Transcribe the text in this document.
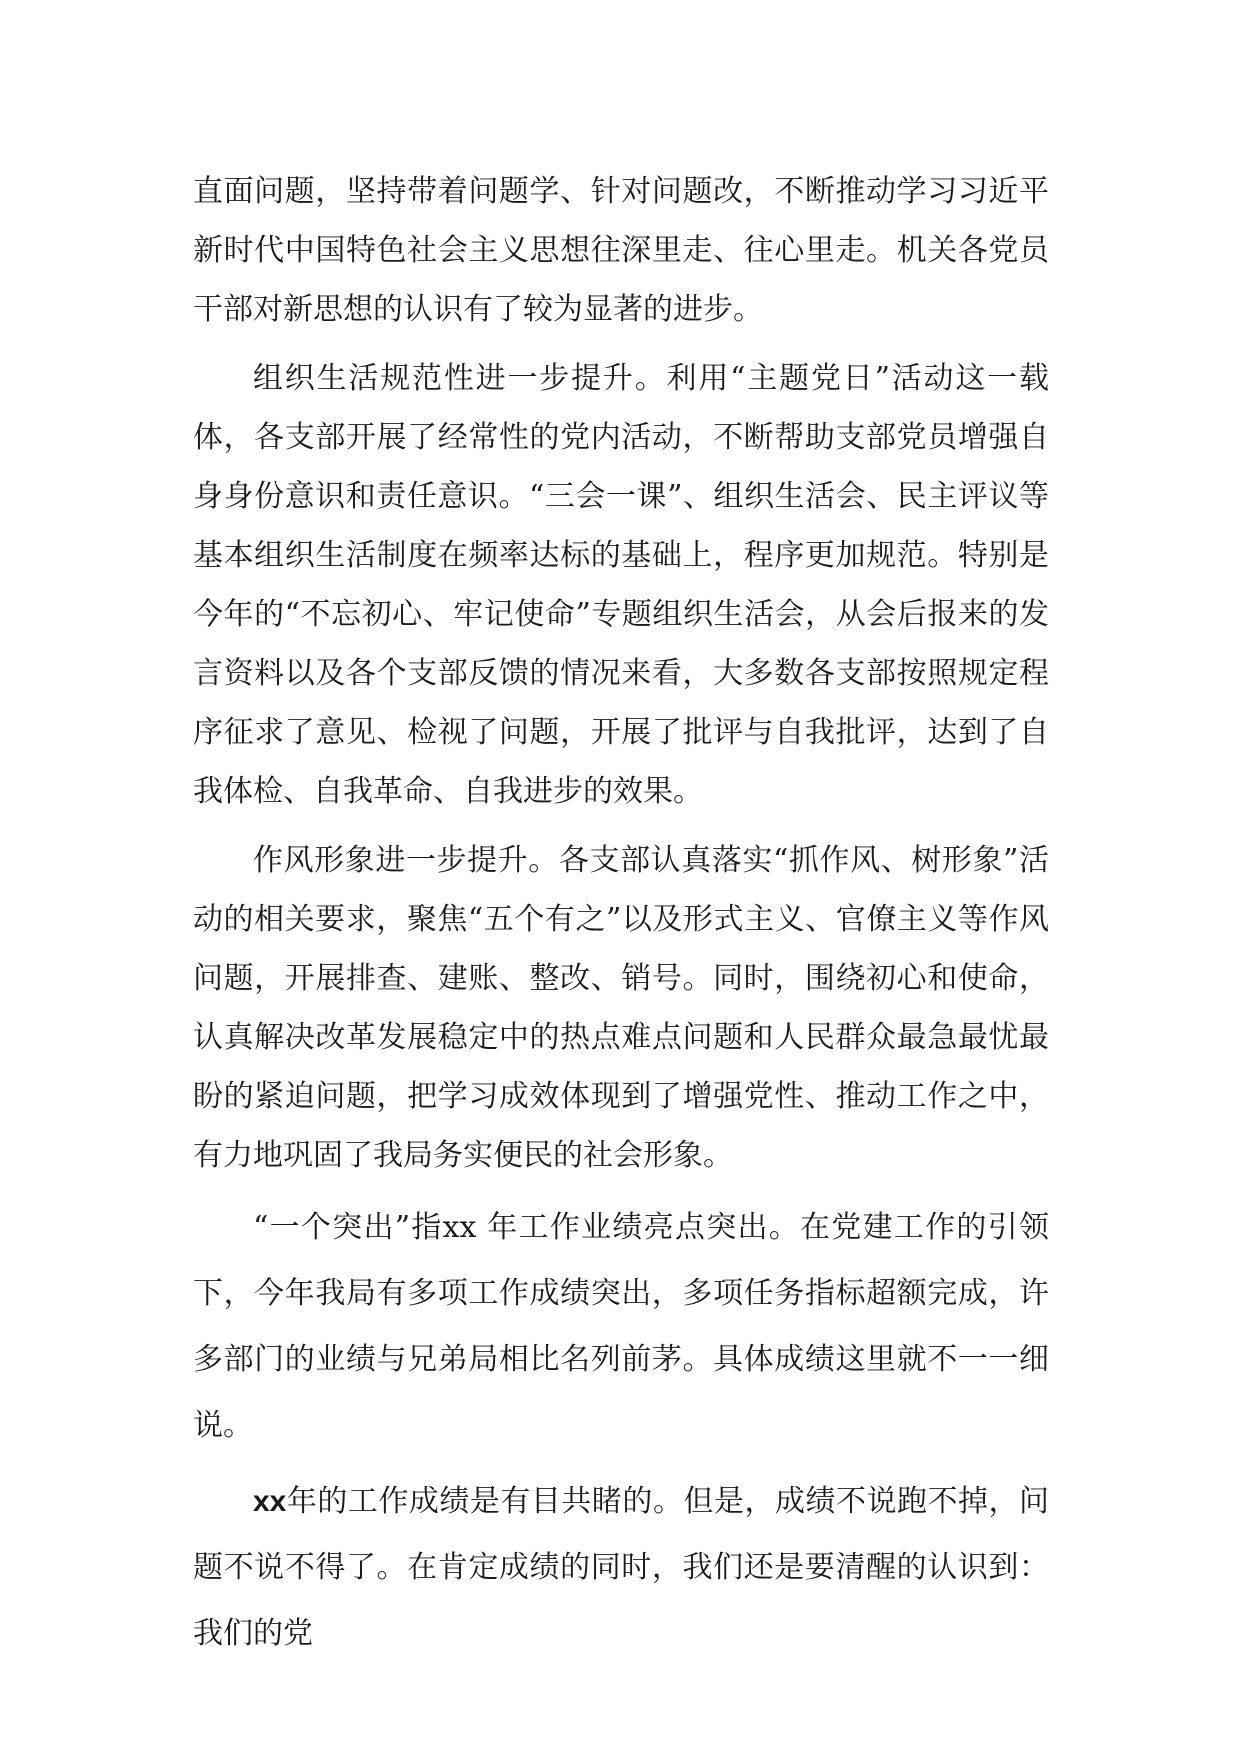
直面问题，坚持带着问题学、针对问题改，不断推动学习习近平新时代中国特色社会主义思想往深里走、往心里走。机关各党员干部对新思想的认识有了较为显著的进步。

组织生活规范性进一步提升。利用“主题党日”活动这一载体，各支部开展了经常性的党内活动，不断帮助支部党员增强自身身份意识和责任意识。“三会一课”、组织生活会、民主评议等基本组织生活制度在频率达标的基础上，程序更加规范。特别是今年的“不忘初心、牢记使命”专题组织生活会，从会后报来的发言资料以及各个支部反馈的情况来看，大多数各支部按照规定程序征求了意见、检视了问题，开展了批评与自我批评，达到了自我体检、自我革命、自我进步的效果。

作风形象进一步提升。各支部认真落实“抓作风、树形象”活动的相关要求，聚焦“五个有之”以及形式主义、官僚主义等作风问题，开展排查、建账、整改、销号。同时，围绕初心和使命，认真解决改革发展稳定中的热点难点问题和人民群众最急最忧最盼的紧迫问题，把学习成效体现到了增强党性、推动工作之中，有力地巩固了我局务实便民的社会形象。

“一个突出”指xx 年工作业绩亮点突出。在党建工作的引领下，今年我局有多项工作成绩突出，多项任务指标超额完成，许多部门的业绩与兄弟局相比名列前茅。具体成绩这里就不一一细说。

xx年的工作成绩是有目共睹的。但是，成绩不说跑不掉，问题不说不得了。在肯定成绩的同时，我们还是要清醒的认识到：我们的党
